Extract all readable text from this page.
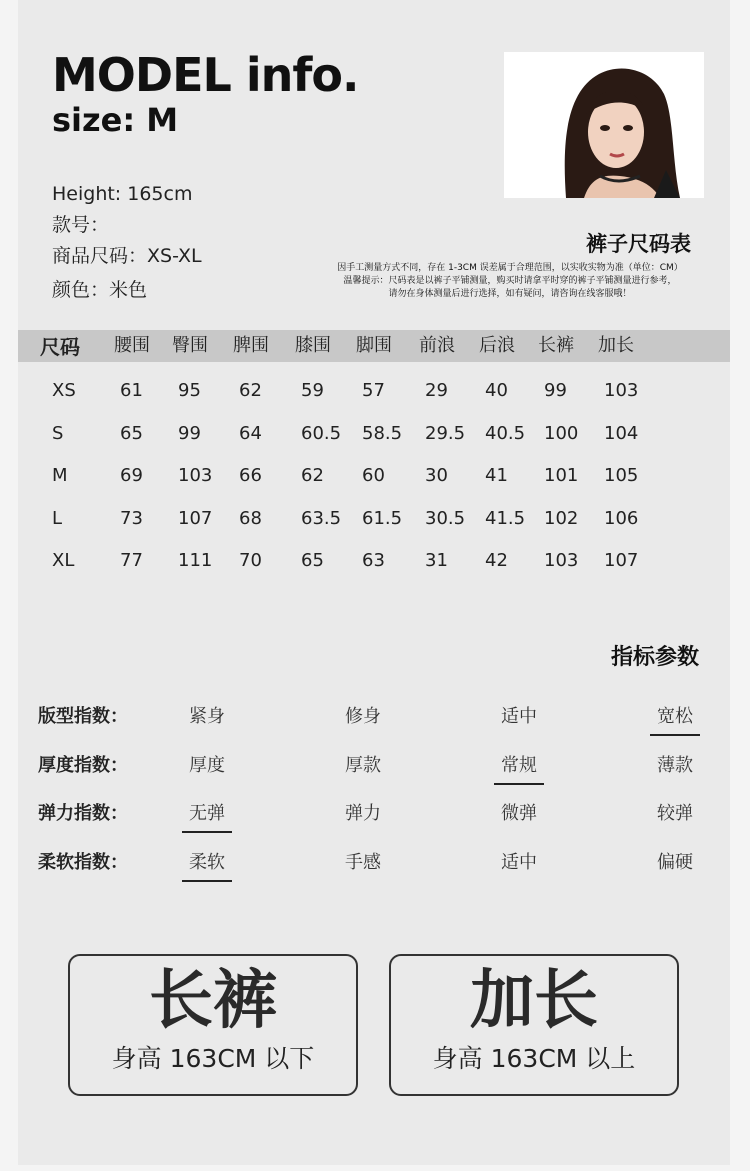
MODEL info.
size: M
Height: 165cm
款号：
商品尺码：XS-XL
颜色：米色
裤子尺码表
因手工测量方式不同，存在 1-3CM 误差属于合理范围，以实收实物为准（单位：CM）
温馨提示：尺码表是以裤子平铺测量，购买时请拿平时穿的裤子平铺测量进行参考，
请勿在身体测量后进行选择，如有疑问，请咨询在线客服哦！
尺码 腰围 臀围 脾围 膝围 脚围 前浪 后浪 长裤 加长
XS 61 95 62 59 57 29 40 99 103
S	65 99 64 60.5 58.5 29.5 40.5 100 104
M	69 103 66 62 60 30 41 101 105
L	73 107 68 63.5 61.5 30.5 41.5 102 106
XL	77 111 70 65 63 31 42 103 107
指标参数
版型指数：	紧身	修身	适中	宽松
厚度指数：	厚度	厚款	常规	薄款
弹力指数：	无弹	弹力	微弹	较弹
柔软指数：	柔软	手感	适中	偏硬
长裤
身高 163CM 以下
加长
身高 163CM 以上
